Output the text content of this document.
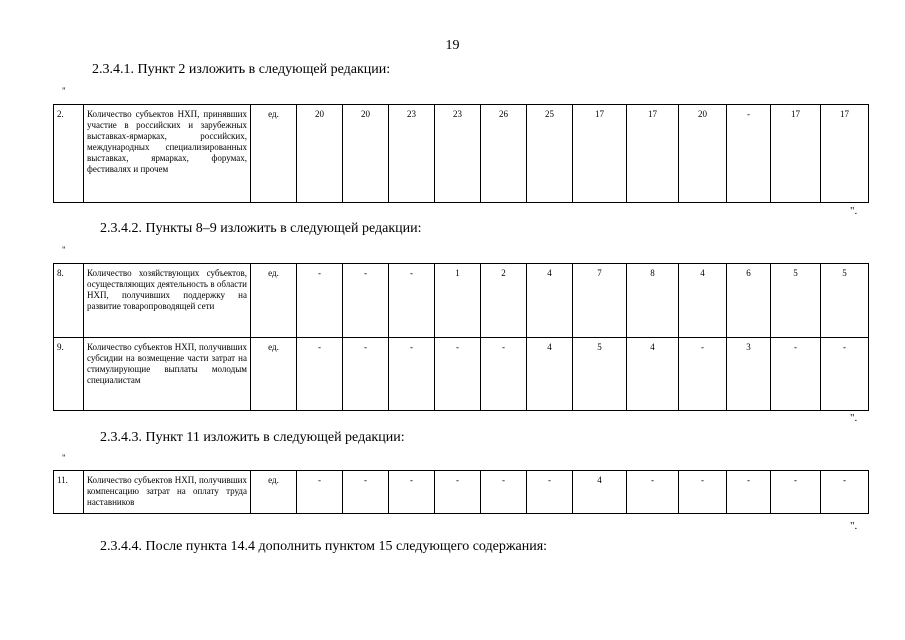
19
2.3.4.1. Пункт 2 изложить в следующей редакции:
"
2.	Количество субъектов НХП, принявших участие в российских и зарубежных выставках-ярмарках, российских, международных специализированных выставках, ярмарках, форумах, фестивалях и прочем	ед.	20	20	23	23	26	25	17	17	20	-	17	17
".
2.3.4.2. Пункты 8–9 изложить в следующей редакции:
"
8.	Количество хозяйствующих субъектов, осуществляющих деятельность в области НХП, получивших поддержку на развитие товаропроводящей сети	ед.	-	-	-	1	2	4	7	8	4	6	5	5
9.	Количество субъектов НХП, получивших субсидии на возмещение части затрат на стимулирующие выплаты молодым специалистам	ед.	-	-	-	-	-	4	5	4	-	3	-	-
".
2.3.4.3. Пункт 11 изложить в следующей редакции:
"
11.	Количество субъектов НХП, получивших компенсацию затрат на оплату труда наставников	ед.	-	-	-	-	-	-	4	-	-	-	-	-
".
2.3.4.4. После пункта 14.4 дополнить пунктом 15 следующего содержания:
